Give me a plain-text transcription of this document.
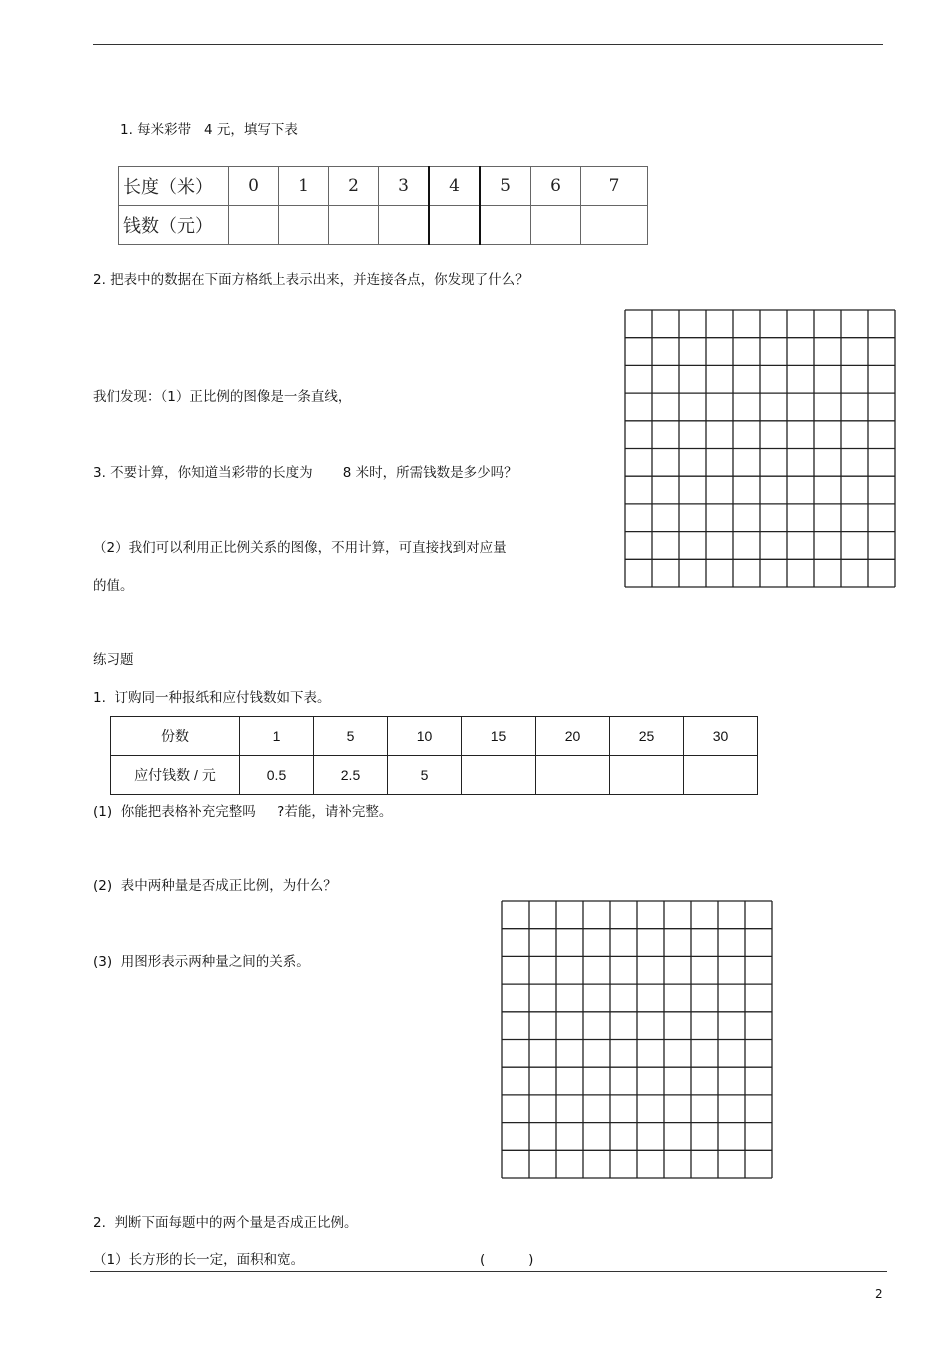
1. 每米彩带   4 元，填写下表
长度（米）	0	1	2	3	4	5	6	7
钱数（元）								
2. 把表中的数据在下面方格纸上表示出来，并连接各点，你发现了什么？
我们发现：（1）正比例的图像是一条直线，
3. 不要计算，你知道当彩带的长度为       8 米时，所需钱数是多少吗？
（2）我们可以利用正比例关系的图像，不用计算，可直接找到对应量
的值。
练习题
1.  订购同一种报纸和应付钱数如下表。
份数	1	5	10	15	20	25	30
应付钱数 / 元	0.5	2.5	5				
(1)  你能把表格补充完整吗     ?若能，请补完整。
(2)  表中两种量是否成正比例，为什么？
(3)  用图形表示两种量之间的关系。
2.  判断下面每题中的两个量是否成正比例。
（1）长方形的长一定，面积和宽。	(          )
2
